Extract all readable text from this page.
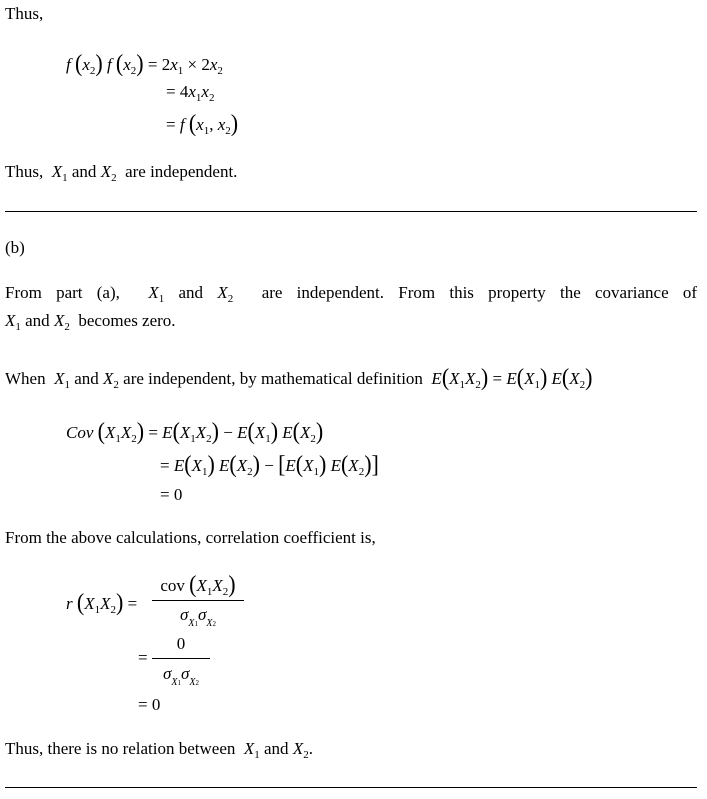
Thus,
f $(x_2)$ f $(x_2) = 2x_1 \times 2x_2$
= $4x_1x_2$
= f ($x_1$, $x_2$)
Thus,  $X_1$ and $X_2$  are independent.
(b)
From part (a),  $X_1$ and $X_2$  are independent. From this property the covariance of
$X_1$ and $X_2$  becomes zero.
When  $X_1$ and $X_2$ are independent, by mathematical definition  $E(X_1X_2) = E(X_1)$ $E(X_2)$
Cov $(X_1X_2) = E(X_1X_2) - E(X_1)$ $E(X_2)$
= $E(X_1) E(X_2) - [E(X_1)$ $E(X_2)$]
= 0
From the above calculations, correlation coefficient is,
r $(X_1X_2)$ =
cov $(X_1X_2)$
$\sigma_{X1}\sigma_{X2}$
=
0
$\sigma_{X1}\sigma_{X2}$
= 0
Thus, there is no relation between  $X_1$ and $X_2$.
